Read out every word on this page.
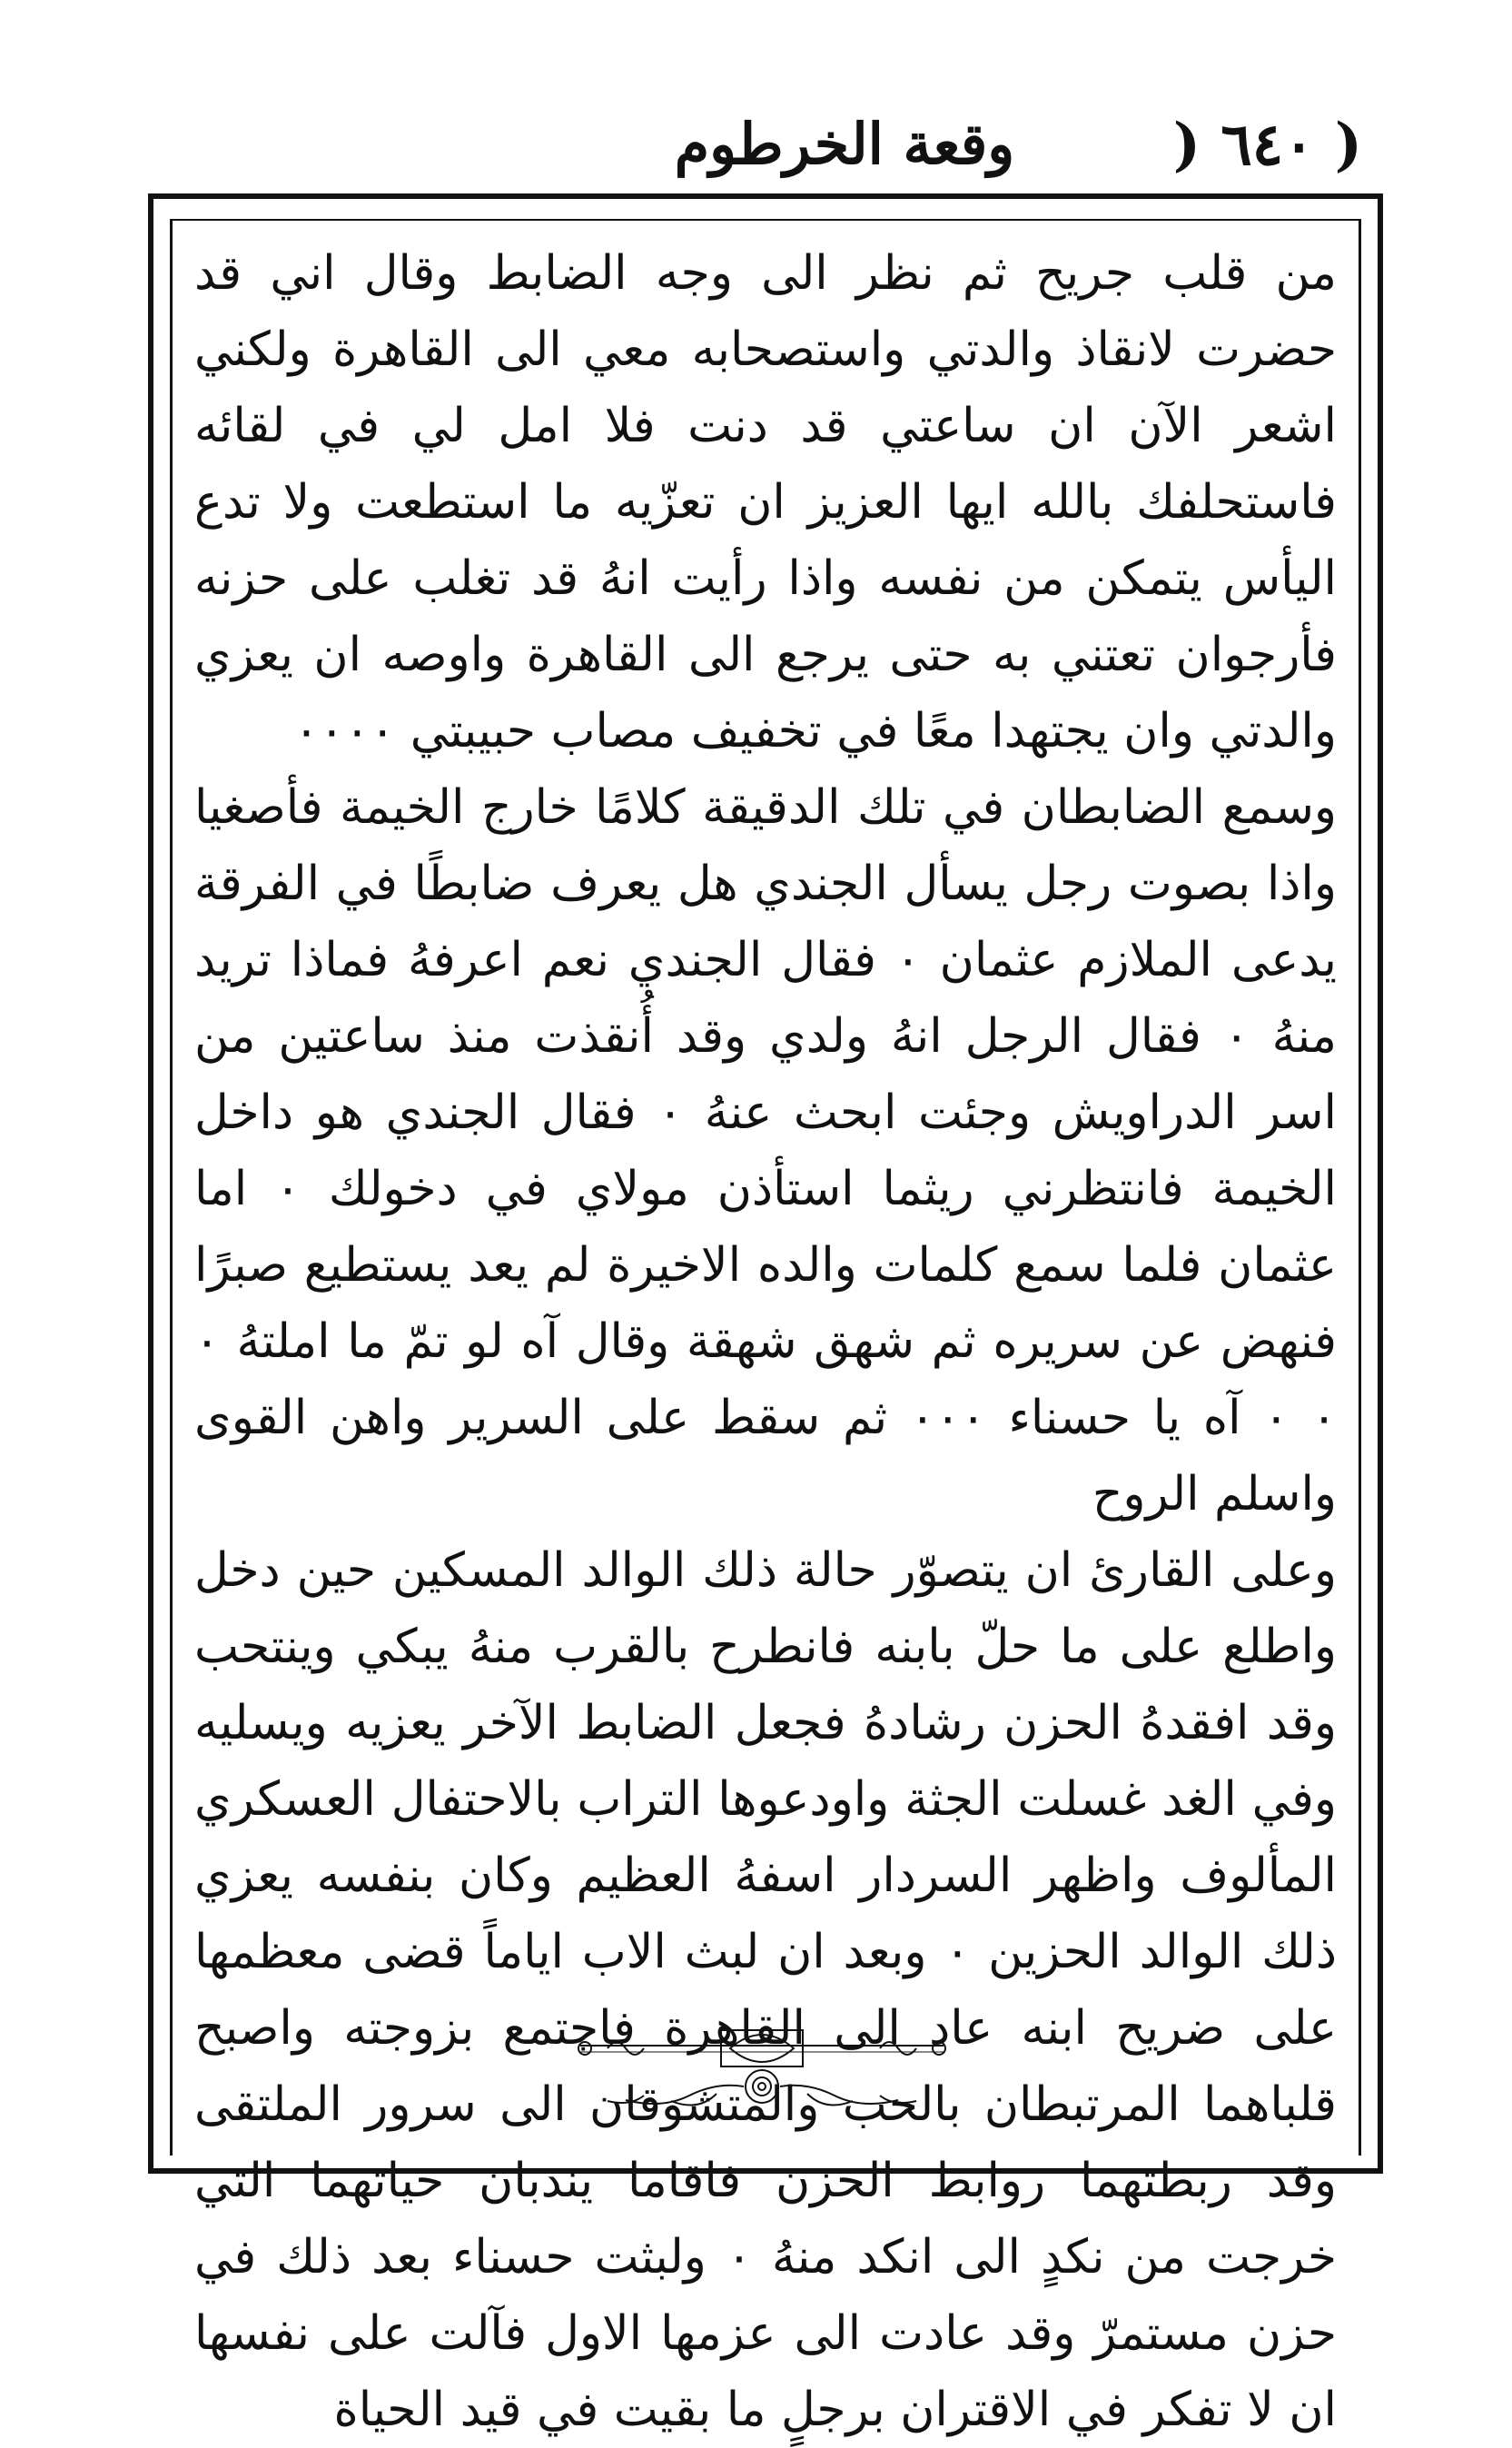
( ٦٤٠ (
وقعة الخرطوم

من قلب جريح ثم نظر الى وجه الضابط وقال اني قد حضرت لانقاذ والدتي واستصحابه معي الى القاهرة ولكني اشعر الآن ان ساعتي قد دنت فلا امل لي في لقائه فاستحلفك بالله ايها العزيز ان تعزّيه ما استطعت ولا تدع اليأس يتمكن من نفسه واذا رأيت انهُ قد تغلب على حزنه فأرجوان تعتني به حتى يرجع الى القاهرة واوصه ان يعزي والدتي وان يجتهدا معًا في تخفيف مصاب حبيبتي ٠٠٠٠

وسمع الضابطان في تلك الدقيقة كلامًا خارج الخيمة فأصغيا واذا بصوت رجل يسأل الجندي هل يعرف ضابطًا في الفرقة يدعى الملازم عثمان ٠ فقال الجندي نعم اعرفهُ فماذا تريد منهُ ٠ فقال الرجل انهُ ولدي وقد أُنقذت منذ ساعتين من اسر الدراويش وجئت ابحث عنهُ ٠ فقال الجندي هو داخل الخيمة فانتظرني ريثما استأذن مولاي في دخولك ٠ اما عثمان فلما سمع كلمات والده الاخيرة لم يعد يستطيع صبرًا فنهض عن سريره ثم شهق شهقة وقال آه لو تمّ ما املتهُ ٠ ٠ ٠ آه يا حسناء ٠٠٠ ثم سقط على السرير واهن القوى واسلم الروح

وعلى القارئ ان يتصوّر حالة ذلك الوالد المسكين حين دخل واطلع على ما حلّ بابنه فانطرح بالقرب منهُ يبكي وينتحب وقد افقدهُ الحزن رشادهُ فجعل الضابط الآخر يعزيه ويسليه وفي الغد غسلت الجثة واودعوها التراب بالاحتفال العسكري المألوف واظهر السردار اسفهُ العظيم وكان بنفسه يعزي ذلك الوالد الحزين ٠ وبعد ان لبث الاب اياماً قضى معظمها على ضريح ابنه عاد الى القاهرة فاجتمع بزوجته واصبح قلباهما المرتبطان بالحب والمتشوقان الى سرور الملتقى وقد ربطتهما روابط الحزن فاقاما يندبان حياتهما التي خرجت من نكدٍ الى انكد منهُ ٠ ولبثت حسناء بعد ذلك في حزن مستمرّ وقد عادت الى عزمها الاول فآلت على نفسها ان لا تفكر في الاقتران برجلٍ ما بقيت في قيد الحياة
